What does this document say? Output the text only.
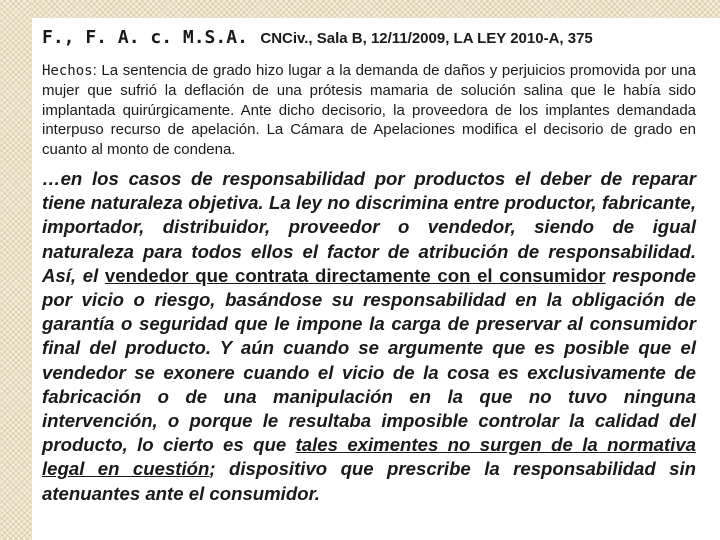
F., F. A. c. M.S.A. CNCiv., Sala B, 12/11/2009, LA LEY 2010-A, 375
Hechos: La sentencia de grado hizo lugar a la demanda de daños y perjuicios promovida por una mujer que sufrió la deflación de una prótesis mamaria de solución salina que le había sido implantada quirúrgicamente. Ante dicho decisorio, la proveedora de los implantes demandada interpuso recurso de apelación. La Cámara de Apelaciones modifica el decisorio de grado en cuanto al monto de condena.
…en los casos de responsabilidad por productos el deber de reparar tiene naturaleza objetiva. La ley no discrimina entre productor, fabricante, importador, distribuidor, proveedor o vendedor, siendo de igual naturaleza para todos ellos el factor de atribución de responsabilidad. Así, el vendedor que contrata directamente con el consumidor responde por vicio o riesgo, basándose su responsabilidad en la obligación de garantía o seguridad que le impone la carga de preservar al consumidor final del producto. Y aún cuando se argumente que es posible que el vendedor se exonere cuando el vicio de la cosa es exclusivamente de fabricación o de una manipulación en la que no tuvo ninguna intervención, o porque le resultaba imposible controlar la calidad del producto, lo cierto es que tales eximentes no surgen de la normativa legal en cuestión; dispositivo que prescribe la responsabilidad sin atenuantes ante el consumidor.
